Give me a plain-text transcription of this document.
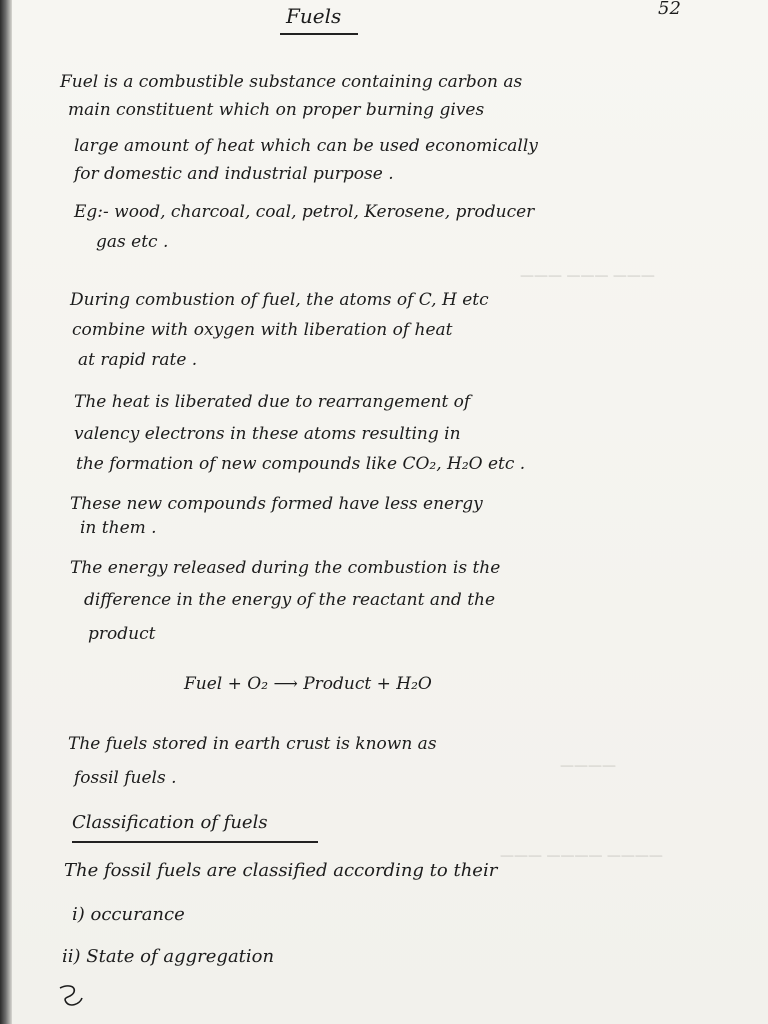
——— ——— ———
————
———— ———— ———
Fuels	52
Fuel is a combustible substance containing carbon as
main constituent which on proper burning gives
large amount of heat which can be used economically
for domestic and industrial purpose .
Eg:- wood, charcoal, coal, petrol, Kerosene, producer
gas etc .
During combustion of fuel, the atoms of C, H etc
combine with oxygen with liberation of heat
at rapid rate .
The heat is liberated due to rearrangement of
valency electrons in these atoms resulting in
the formation of new compounds like CO₂, H₂O etc .
These new compounds formed have less energy
in them .
The energy released during the combustion is the
difference in the energy of the reactant and the
product
Fuel + O₂ ⟶ Product + H₂O
The fuels stored in earth crust is known as
fossil fuels .
Classification of fuels
The fossil fuels are classified according to their
i) occurance
ii) State of aggregation
